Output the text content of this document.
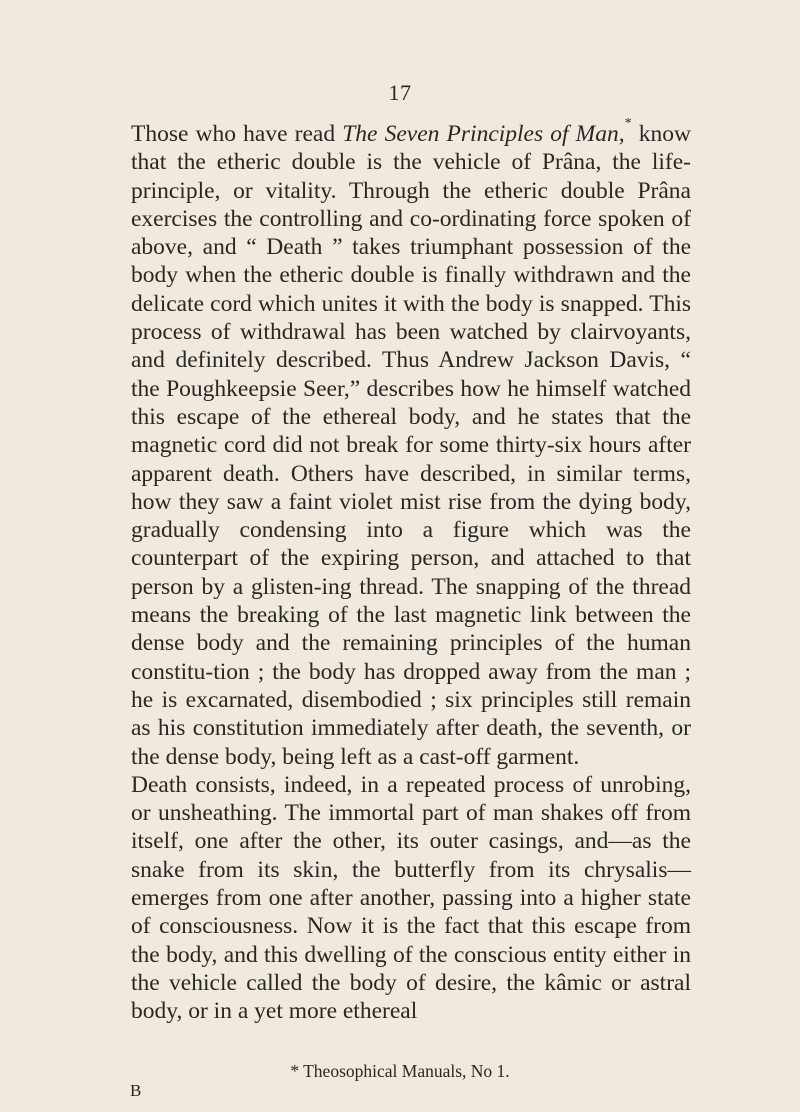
17

Those who have read The Seven Principles of Man,* know that the etheric double is the vehicle of Prâna, the life-principle, or vitality. Through the etheric double Prâna exercises the controlling and co-ordinating force spoken of above, and “ Death ” takes triumphant possession of the body when the etheric double is finally withdrawn and the delicate cord which unites it with the body is snapped. This process of withdrawal has been watched by clairvoyants, and definitely described. Thus Andrew Jackson Davis, “ the Poughkeepsie Seer,” describes how he himself watched this escape of the ethereal body, and he states that the magnetic cord did not break for some thirty-six hours after apparent death. Others have described, in similar terms, how they saw a faint violet mist rise from the dying body, gradually condensing into a figure which was the counterpart of the expiring person, and attached to that person by a glisten-ing thread. The snapping of the thread means the breaking of the last magnetic link between the dense body and the remaining principles of the human constitu-tion ; the body has dropped away from the man ; he is excarnated, disembodied ; six principles still remain as his constitution immediately after death, the seventh, or the dense body, being left as a cast-off garment.

Death consists, indeed, in a repeated process of unrobing, or unsheathing. The immortal part of man shakes off from itself, one after the other, its outer casings, and—as the snake from its skin, the butterfly from its chrysalis—emerges from one after another, passing into a higher state of consciousness. Now it is the fact that this escape from the body, and this dwelling of the conscious entity either in the vehicle called the body of desire, the kâmic or astral body, or in a yet more ethereal

* Theosophical Manuals, No 1.
B
